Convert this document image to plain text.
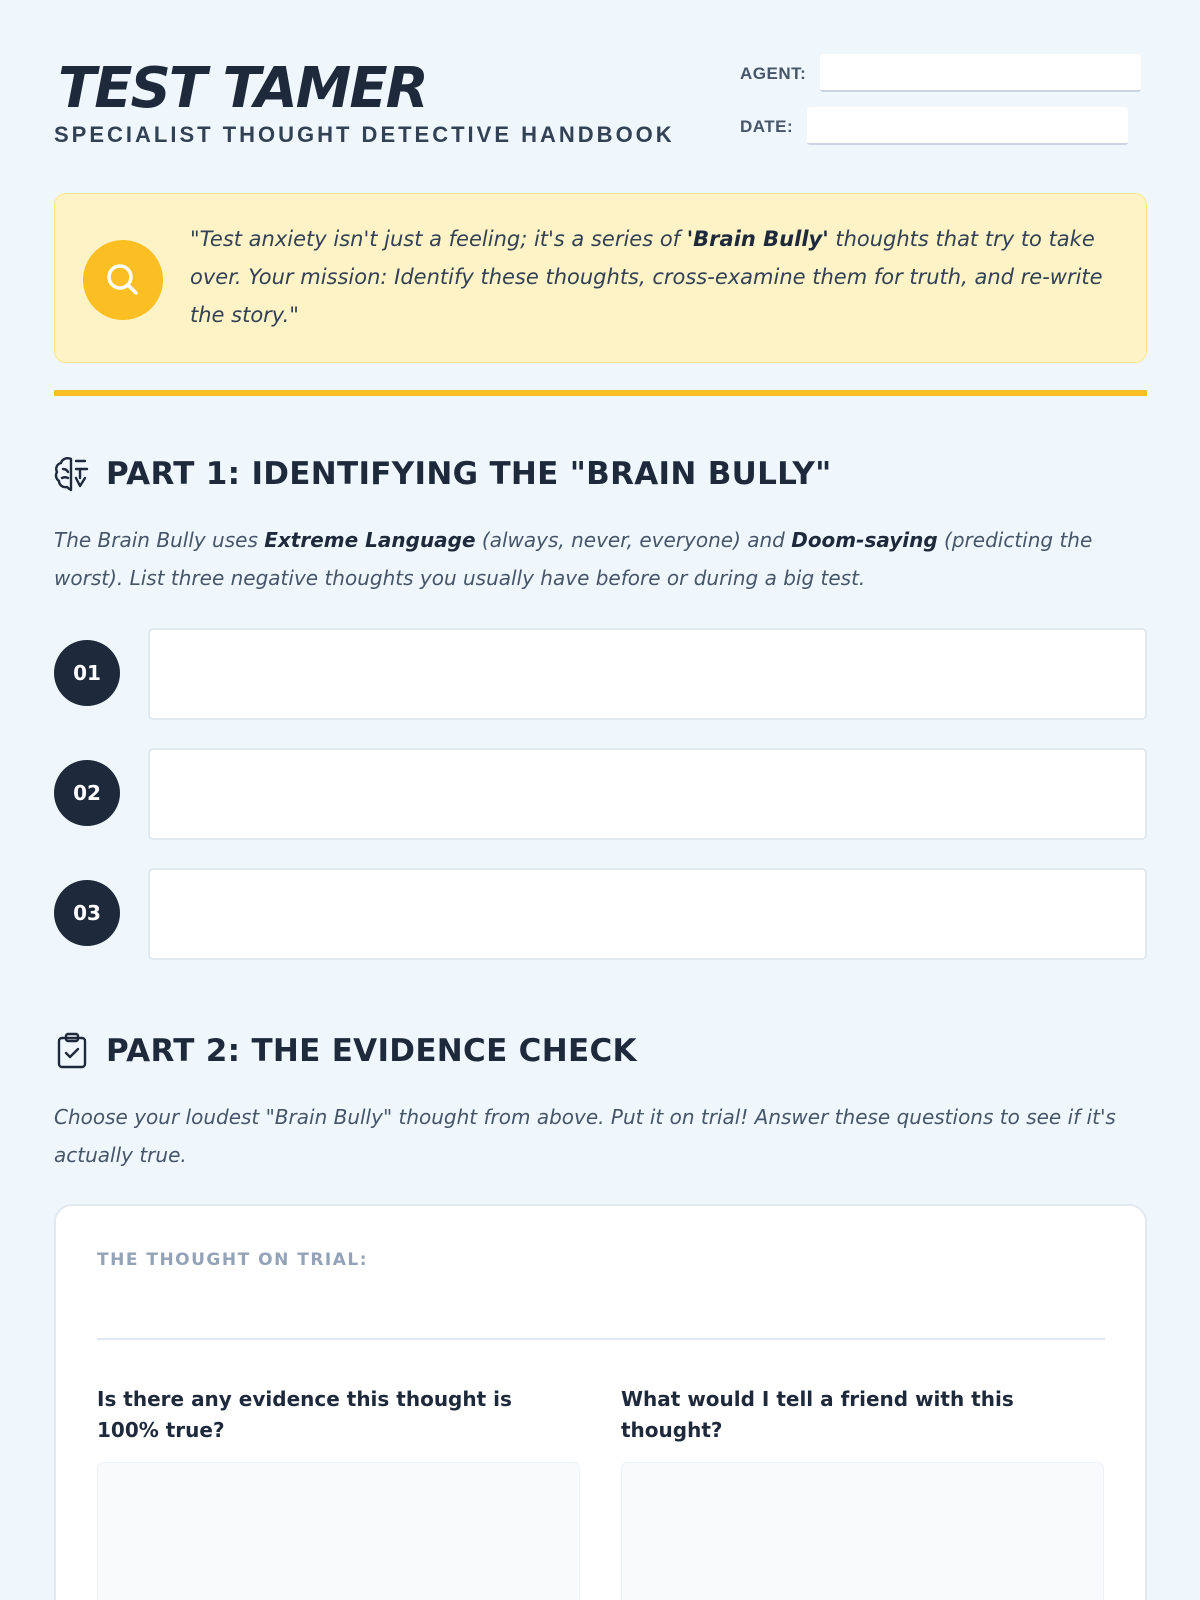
TEST TAMER
SPECIALIST THOUGHT DETECTIVE HANDBOOK
AGENT:
DATE:
"Test anxiety isn't just a feeling; it's a series of 'Brain Bully' thoughts that try to take over. Your mission: Identify these thoughts, cross-examine them for truth, and re-write the story."
PART 1: IDENTIFYING THE "BRAIN BULLY"
The Brain Bully uses Extreme Language (always, never, everyone) and Doom-saying (predicting the worst). List three negative thoughts you usually have before or during a big test.
01
02
03
PART 2: THE EVIDENCE CHECK
Choose your loudest "Brain Bully" thought from above. Put it on trial! Answer these questions to see if it's actually true.
THE THOUGHT ON TRIAL:
Is there any evidence this thought is 100% true?
What would I tell a friend with this thought?
